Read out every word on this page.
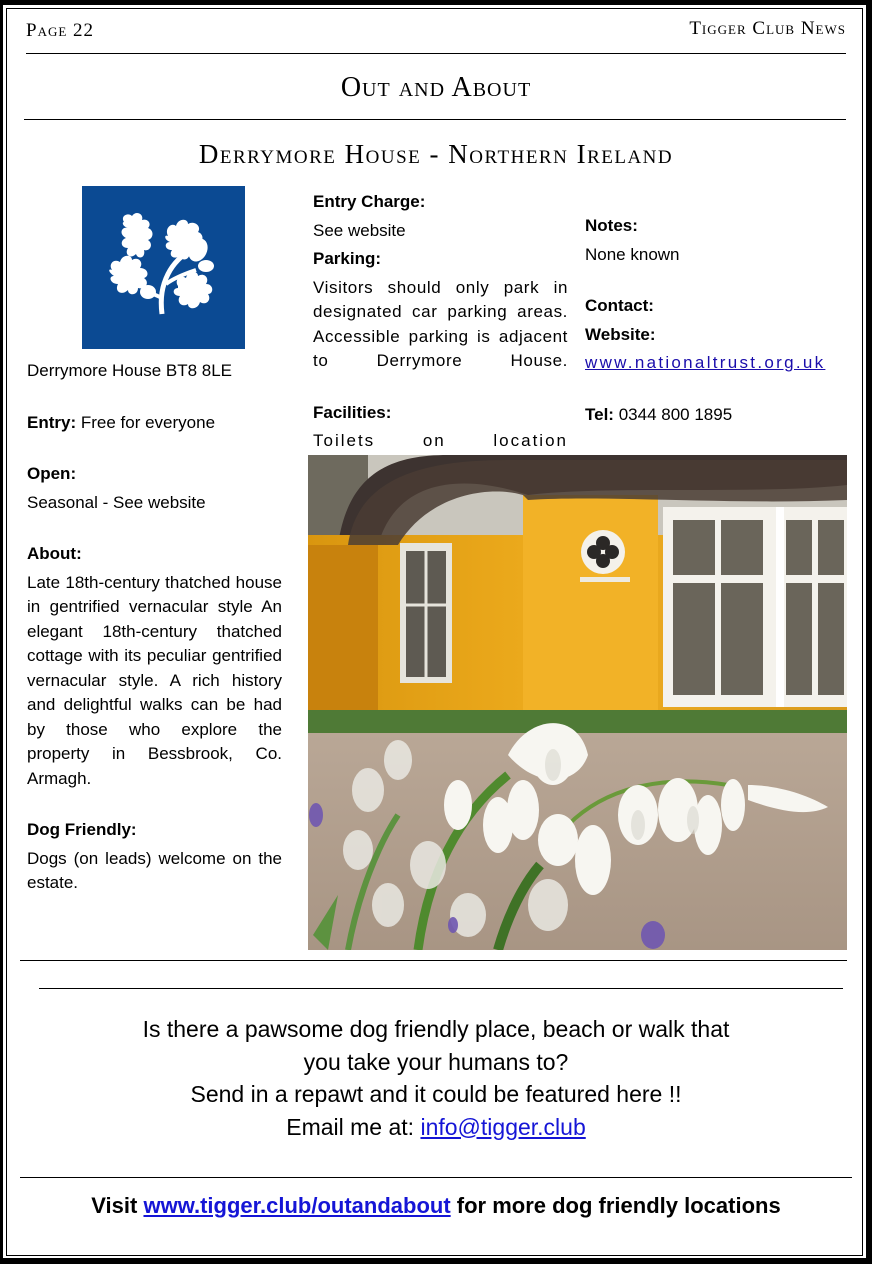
Page 22	Tigger Club News
Out and About
Derrymore House - Northern Ireland
Derrymore House BT8 8LE
Entry: Free for everyone
Open:
Seasonal - See website
About:
Late 18th-century thatched house in gentrified vernacular style An elegant 18th-century thatched cottage with its peculiar gentrified vernacular style. A rich history and delightful walks can be had by those who explore the property in Bessbrook, Co. Armagh.
Dog Friendly:
Dogs (on leads) welcome on the estate.
Entry Charge:
See website
Parking:
Visitors should only park in designated car parking areas. Accessible parking is adjacent to Derrymore House.
Facilities:
Toilets on location
Notes:
None known
Contact:
Website:
www.nationaltrust.org.uk
Tel: 0344 800 1895
Is there a pawsome dog friendly place, beach or walk that
you take your humans to?
Send in a repawt and it could be featured here !!
Email me at: info@tigger.club
Visit www.tigger.club/outandabout for more dog friendly locations
